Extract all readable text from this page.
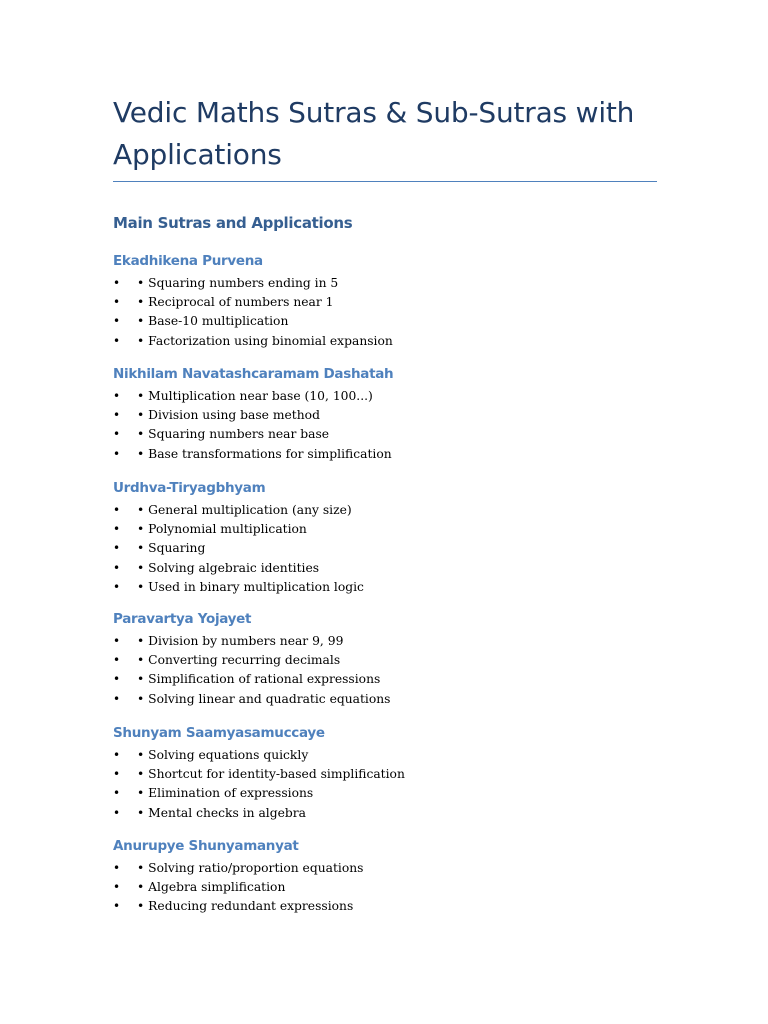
Vedic Maths Sutras & Sub-Sutras with Applications
Main Sutras and Applications
Ekadhikena Purvena
• • Squaring numbers ending in 5
• • Reciprocal of numbers near 1
• • Base-10 multiplication
• • Factorization using binomial expansion
Nikhilam Navatashcaramam Dashatah
• • Multiplication near base (10, 100...)
• • Division using base method
• • Squaring numbers near base
• • Base transformations for simplification
Urdhva-Tiryagbhyam
• • General multiplication (any size)
• • Polynomial multiplication
• • Squaring
• • Solving algebraic identities
• • Used in binary multiplication logic
Paravartya Yojayet
• • Division by numbers near 9, 99
• • Converting recurring decimals
• • Simplification of rational expressions
• • Solving linear and quadratic equations
Shunyam Saamyasamuccaye
• • Solving equations quickly
• • Shortcut for identity-based simplification
• • Elimination of expressions
• • Mental checks in algebra
Anurupye Shunyamanyat
• • Solving ratio/proportion equations
• • Algebra simplification
• • Reducing redundant expressions
